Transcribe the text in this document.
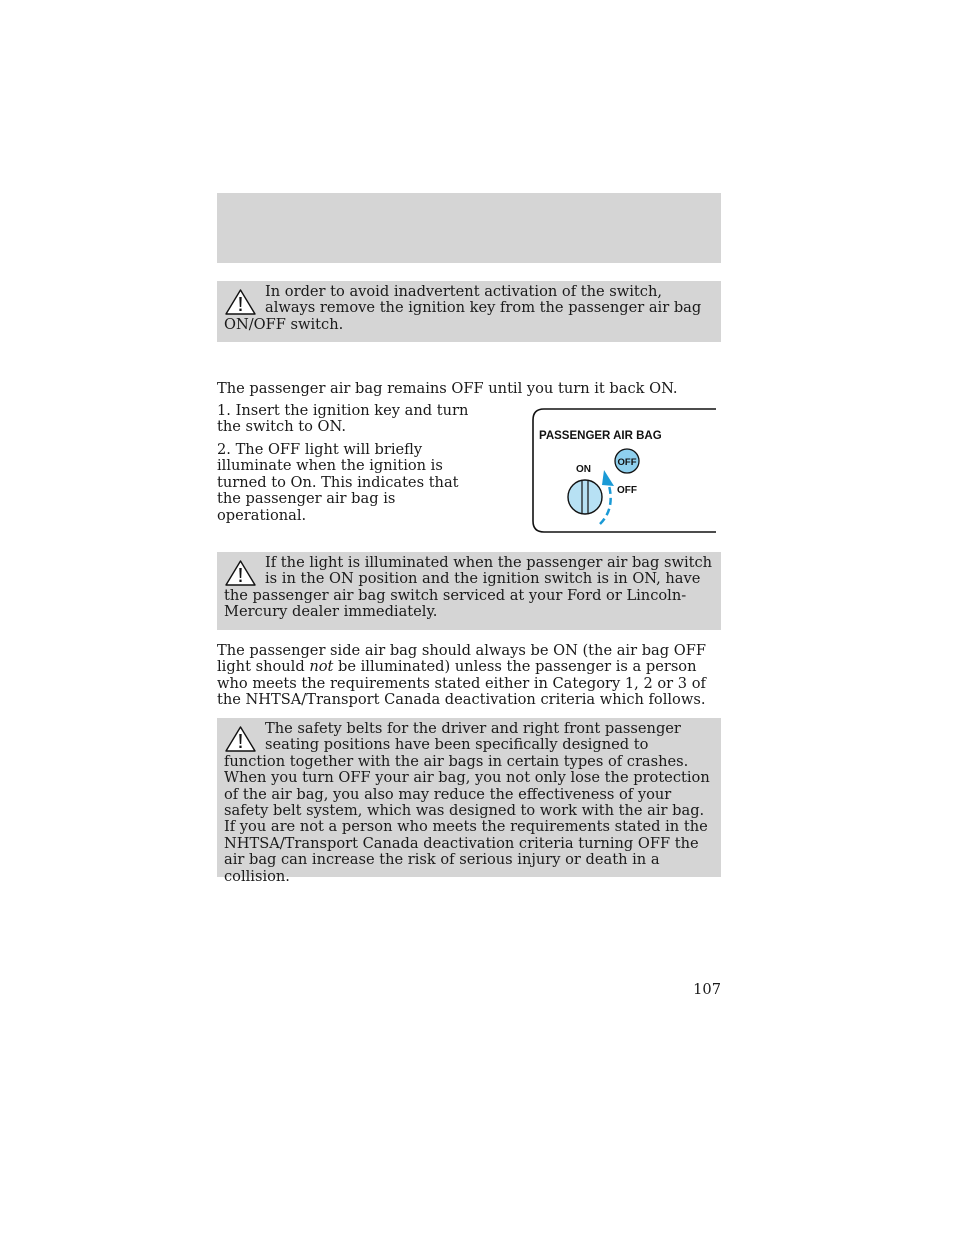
In order to avoid inadvertent activation of the switch, always remove the ignition key from the passenger air bag ON/OFF switch.

The passenger air bag remains OFF until you turn it back ON.

1. Insert the ignition key and turn the switch to ON.

2. The OFF light will briefly illuminate when the ignition is turned to On. This indicates that the passenger air bag is operational.

PASSENGER AIR BAG
ON
OFF
OFF
If the light is illuminated when the passenger air bag switch is in the ON position and the ignition switch is in ON, have the passenger air bag switch serviced at your Ford or Lincoln-Mercury dealer immediately.

The passenger side air bag should always be ON (the air bag OFF light should not be illuminated) unless the passenger is a person who meets the requirements stated either in Category 1, 2 or 3 of the NHTSA/Transport Canada deactivation criteria which follows.

The safety belts for the driver and right front passenger seating positions have been specifically designed to function together with the air bags in certain types of crashes. When you turn OFF your air bag, you not only lose the protection of the air bag, you also may reduce the effectiveness of your safety belt system, which was designed to work with the air bag. If you are not a person who meets the requirements stated in the NHTSA/Transport Canada deactivation criteria turning OFF the air bag can increase the risk of serious injury or death in a collision.
107
